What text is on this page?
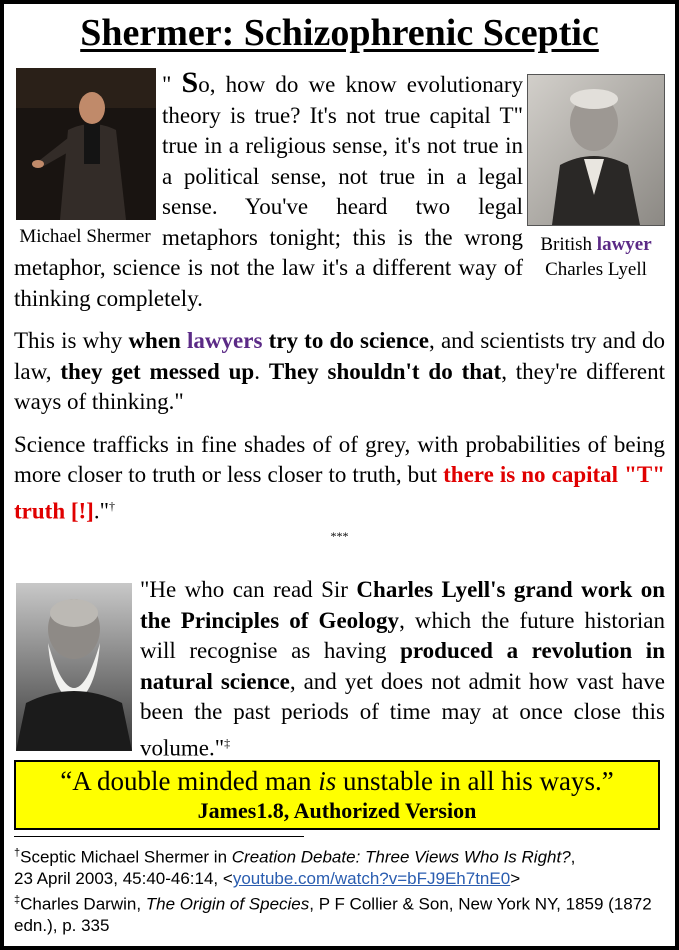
Shermer: Schizophrenic Sceptic
Michael Shermer	British lawyer
Charles Lyell

" So, how do we know evolutionary theory is true? It's not true capital T" true in a religious sense, it's not true in a political sense, not true in a legal sense. You've heard two legal metaphors tonight; this is the wrong metaphor, science is not the law it's a different way of thinking completely.

This is why when lawyers try to do science, and scientists try and do law, they get messed up. They shouldn't do that, they're different ways of thinking."

Science trafficks in fine shades of of grey, with probabilities of being more closer to truth or less closer to truth, but there is no capital "T" truth [!]."†

***

"He who can read Sir Charles Lyell's grand work on the Principles of Geology, which the future historian will recognise as having produced a revolution in natural science, and yet does not admit how vast have been the past periods of time may at once close this volume."‡

“A double minded man is unstable in all his ways.”
James1.8, Authorized Version
†Sceptic Michael Shermer in Creation Debate: Three Views Who Is Right?,
23 April 2003, 45:40-46:14, <youtube.com/watch?v=bFJ9Eh7tnE0>
‡Charles Darwin, The Origin of Species, P F Collier & Son, New York NY, 1859 (1872 edn.), p. 335
